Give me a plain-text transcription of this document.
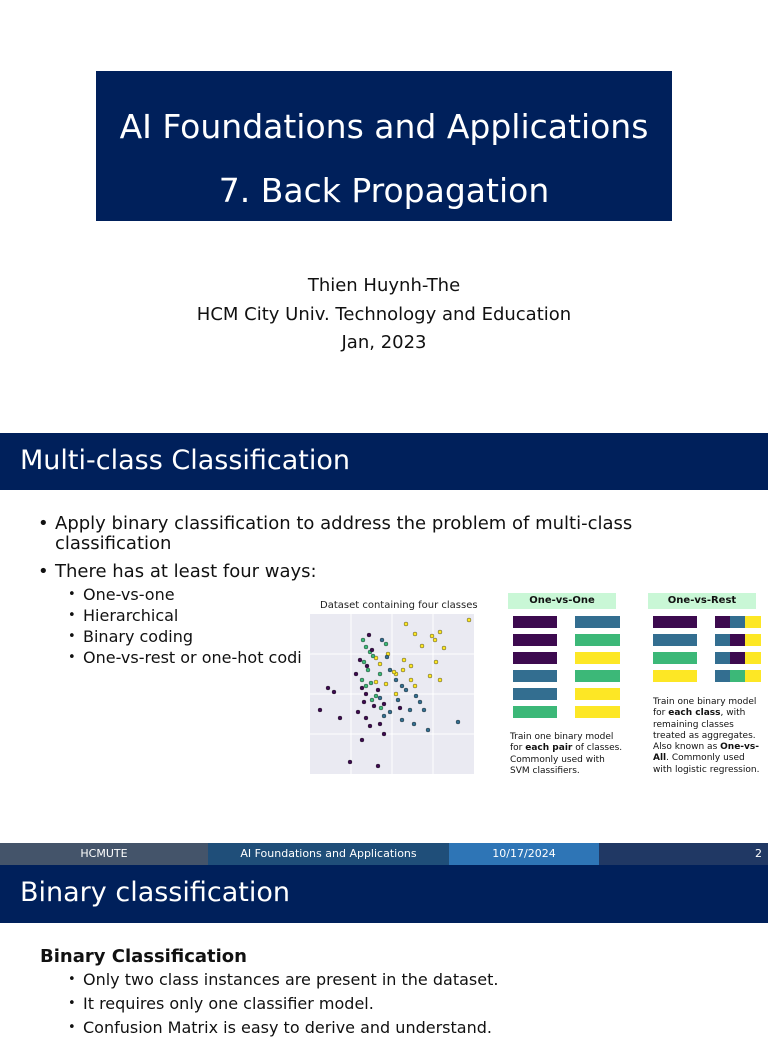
AI Foundations and Applications
7. Back Propagation
Thien Huynh-The
HCM City Univ. Technology and Education
Jan, 2023
Multi-class Classification
• Apply binary classification to address the problem of multi-class classification
• There has at least four ways:
• One-vs-one
• Hierarchical
• Binary coding
• One-vs-rest or one-hot codi
Dataset containing four classes	One-vs-One	One-vs-Rest
Train one binary model
for each pair of classes.
Commonly used with
SVM classifiers.
Train one binary model
for each class, with
remaining classes
treated as aggregates.
Also known as One-vs-
All. Commonly used
with logistic regression.
HCMUTE	AI Foundations and Applications	10/17/2024	2
Binary classification
Binary Classification
• Only two class instances are present in the dataset.
• It requires only one classifier model.
• Confusion Matrix is easy to derive and understand.
